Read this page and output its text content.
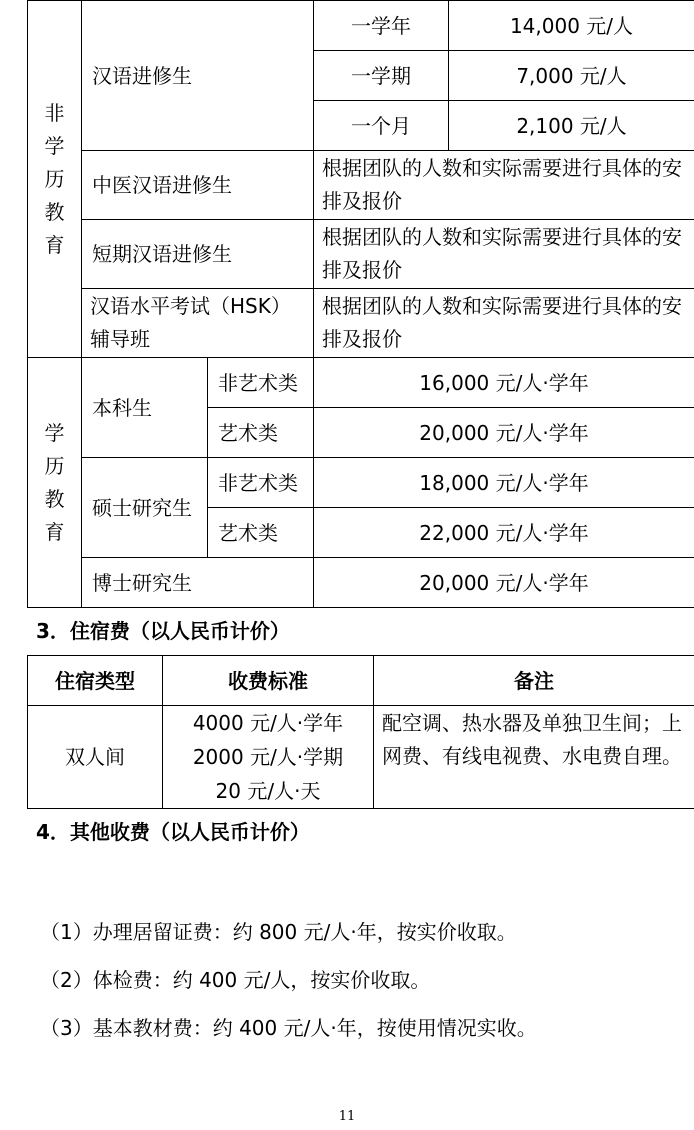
非
学
历
教
育	汉语进修生		一学年	14,000 元/人
			一学期	7,000 元/人
			一个月	2,100 元/人
	中医汉语进修生		根据团队的人数和实际需要进行具体的安排及报价	
	短期汉语进修生		根据团队的人数和实际需要进行具体的安排及报价	
	汉语水平考试（HSK）辅导班		根据团队的人数和实际需要进行具体的安排及报价	
学
历
教
育	本科生	非艺术类	16,000 元/人·学年	
		艺术类	20,000 元/人·学年	
	硕士研究生	非艺术类	18,000 元/人·学年	
		艺术类	22,000 元/人·学年	
	博士研究生		20,000 元/人·学年	
3．住宿费（以人民币计价）
住宿类型	收费标准	备注
双人间	4000 元/人·学年
2000 元/人·学期
20 元/人·天	配空调、热水器及单独卫生间；上网费、有线电视费、水电费自理。
4．其他收费（以人民币计价）
（1）办理居留证费：约 800 元/人·年，按实价收取。
（2）体检费：约 400 元/人，按实价收取。
（3）基本教材费：约 400 元/人·年，按使用情况实收。
11
